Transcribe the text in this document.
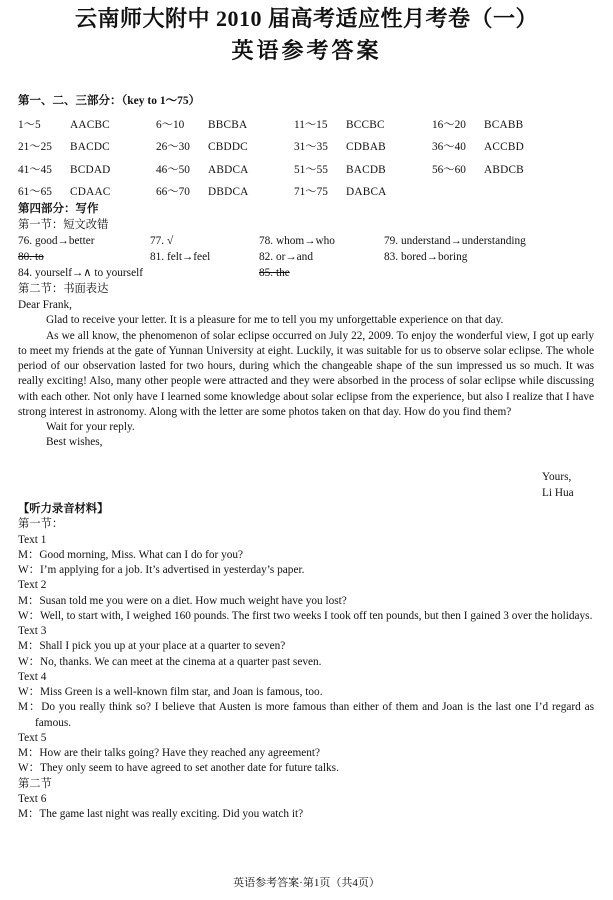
云南师大附中 2010 届高考适应性月考卷（一）
英语参考答案
第一、二、三部分：（key to 1～75）
1～5	AACBC	6～10	BBCBA	11～15	BCCBC	16～20	BCABB
21～25	BACDC	26～30	CBDDC	31～35	CDBAB	36～40	ACCBD
41～45	BCDAD	46～50	ABDCA	51～55	BACDB	56～60	ABDCB
61～65	CDAAC	66～70	DBDCA	71～75	DABCA
第四部分：写作
第一节：短文改错
76. good→better	77. √	78. whom→who	79. understand→understanding
80. to	81. felt→feel	82. or→and	83. bored→boring
84. yourself→∧ to yourself	85. the
第二节：书面表达
Dear Frank,

Glad to receive your letter. It is a pleasure for me to tell you my unforgettable experience on that day.

As we all know, the phenomenon of solar eclipse occurred on July 22, 2009. To enjoy the wonderful view, I got up early to meet my friends at the gate of Yunnan University at eight. Luckily, it was suitable for us to observe solar eclipse. The whole period of our observation lasted for two hours, during which the changeable shape of the sun impressed us so much. It was really exciting! Also, many other people were attracted and they were absorbed in the process of solar eclipse while discussing with each other. Not only have I learned some knowledge about solar eclipse from the experience, but also I realize that I have strong interest in astronomy. Along with the letter are some photos taken on that day. How do you find them?

Wait for your reply.
Best wishes,
Yours,
Li Hua
【听力录音材料】
第一节：
Text 1
M：Good morning, Miss. What can I do for you?
W：I’m applying for a job. It’s advertised in yesterday’s paper.
Text 2
M：Susan told me you were on a diet. How much weight have you lost?
W：Well, to start with, I weighed 160 pounds. The first two weeks I took off ten pounds, but then I gained 3 over the holidays.
Text 3
M：Shall I pick you up at your place at a quarter to seven?
W：No, thanks. We can meet at the cinema at a quarter past seven.
Text 4
W：Miss Green is a well-known film star, and Joan is famous, too.
M：Do you really think so? I believe that Austen is more famous than either of them and Joan is the last one I’d regard as famous.
Text 5
M：How are their talks going? Have they reached any agreement?
W：They only seem to have agreed to set another date for future talks.
第二节
Text 6
M：The game last night was really exciting. Did you watch it?
英语参考答案·第1页（共4页）
